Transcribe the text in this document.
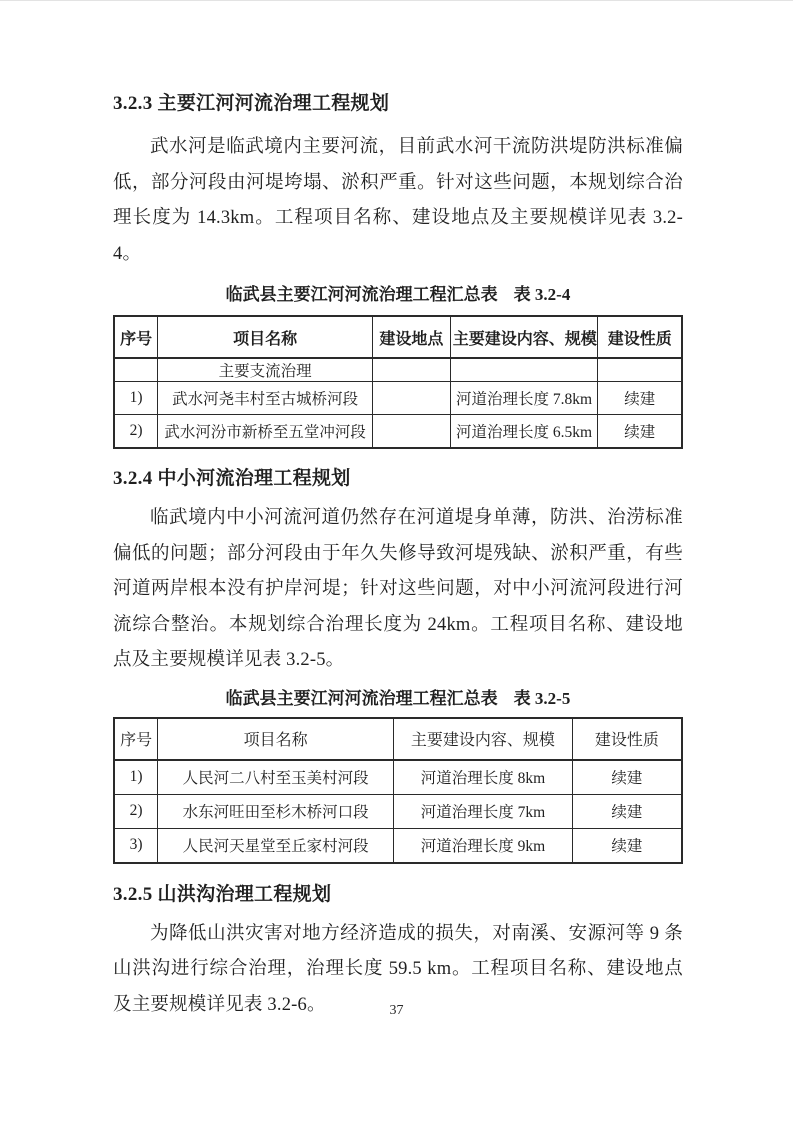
3.2.3 主要江河河流治理工程规划

武水河是临武境内主要河流，目前武水河干流防洪堤防洪标准偏低，部分河段由河堤垮塌、淤积严重。针对这些问题，本规划综合治理长度为 14.3km。工程项目名称、建设地点及主要规模详见表 3.2-4。

临武县主要江河河流治理工程汇总表 表 3.2-4
序号	项目名称	建设地点	主要建设内容、规模	建设性质
	主要支流治理			
1)	武水河尧丰村至古城桥河段		河道治理长度 7.8km	续建
2)	武水河汾市新桥至五堂冲河段		河道治理长度 6.5km	续建
3.2.4 中小河流治理工程规划

临武境内中小河流河道仍然存在河道堤身单薄，防洪、治涝标准偏低的问题；部分河段由于年久失修导致河堤残缺、淤积严重，有些河道两岸根本没有护岸河堤；针对这些问题，对中小河流河段进行河流综合整治。本规划综合治理长度为 24km。工程项目名称、建设地点及主要规模详见表 3.2-5。

临武县主要江河河流治理工程汇总表 表 3.2-5
序号	项目名称	主要建设内容、规模	建设性质
1)	人民河二八村至玉美村河段	河道治理长度 8km	续建
2)	水东河旺田至杉木桥河口段	河道治理长度 7km	续建
3)	人民河天星堂至丘家村河段	河道治理长度 9km	续建
3.2.5 山洪沟治理工程规划

为降低山洪灾害对地方经济造成的损失，对南溪、安源河等 9 条山洪沟进行综合治理，治理长度 59.5 km。工程项目名称、建设地点及主要规模详见表 3.2-6。	37
